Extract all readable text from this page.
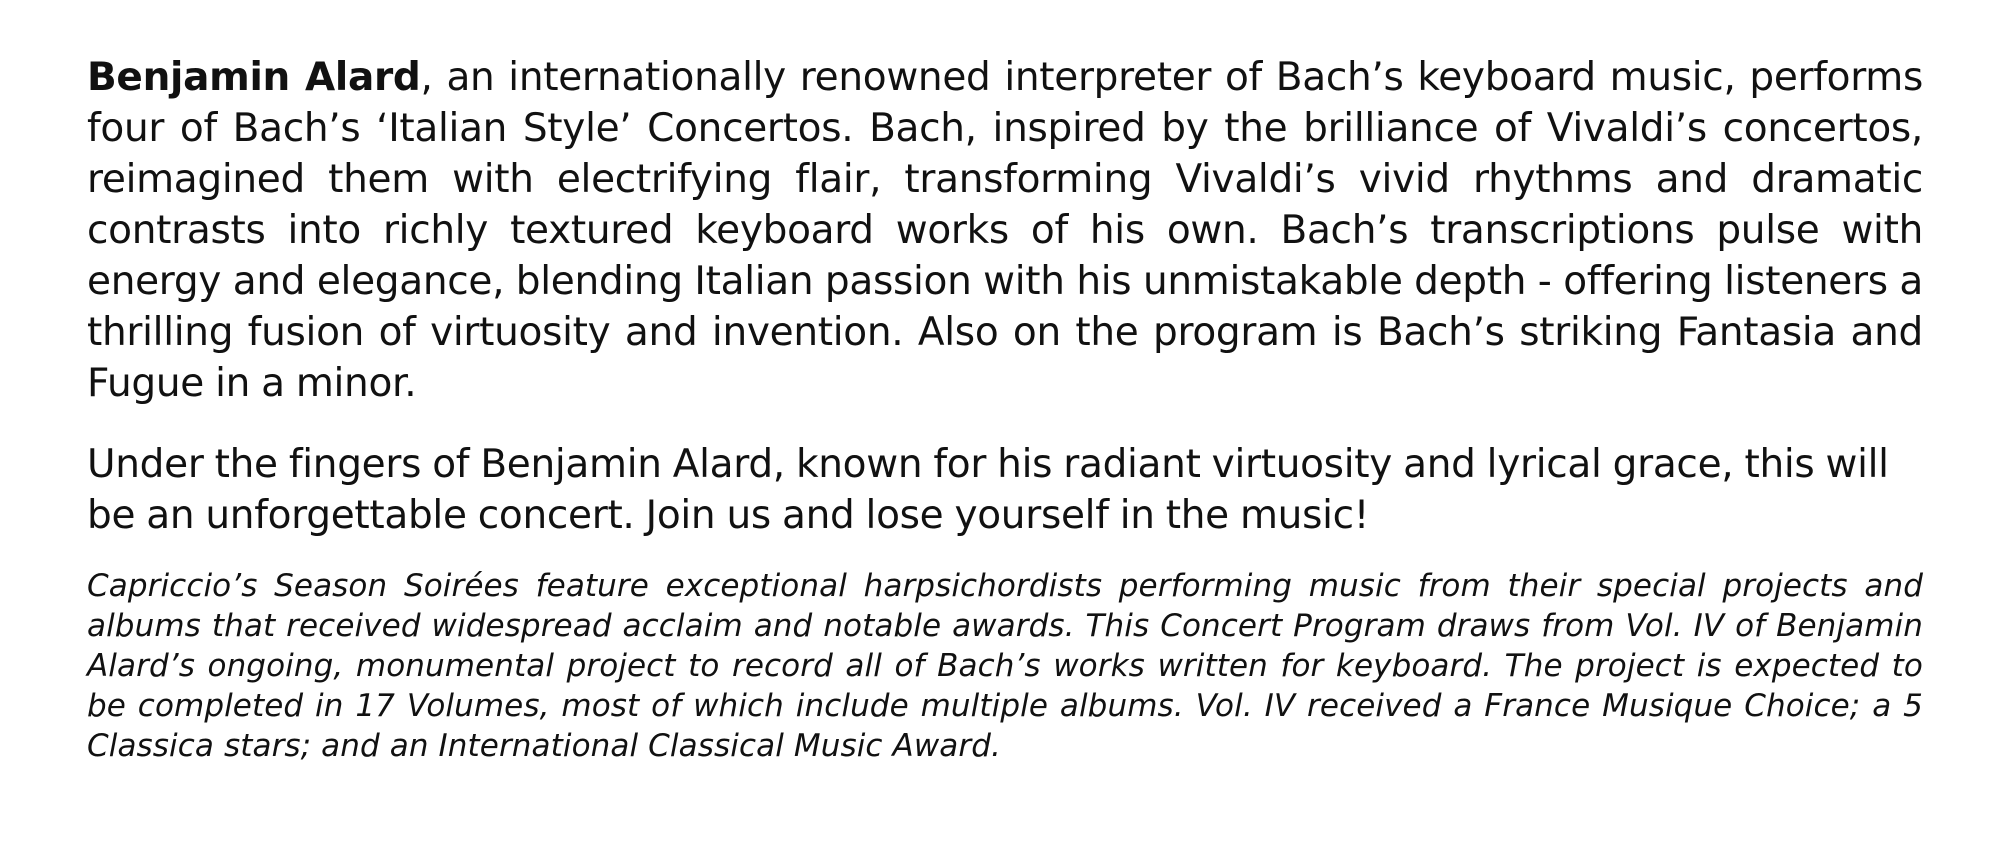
Benjamin Alard, an internationally renowned interpreter of Bach’s keyboard music, performs four of Bach’s ‘Italian Style’ Concertos. Bach, inspired by the brilliance of Vivaldi’s concertos, reimagined them with electrifying flair, transforming Vivaldi’s vivid rhythms and dramatic contrasts into richly textured keyboard works of his own. Bach’s transcriptions pulse with energy and elegance, blending Italian passion with his unmistakable depth - offering listeners a thrilling fusion of virtuosity and invention. Also on the program is Bach’s striking Fantasia and Fugue in a minor.

Under the fingers of Benjamin Alard, known for his radiant virtuosity and lyrical grace, this will be an unforgettable concert. Join us and lose yourself in the music!

Capriccio’s Season Soirées feature exceptional harpsichordists performing music from their special projects and albums that received widespread acclaim and notable awards. This Concert Program draws from Vol. IV of Benjamin Alard’s ongoing, monumental project to record all of Bach’s works written for keyboard. The project is expected to be completed in 17 Volumes, most of which include multiple albums. Vol. IV received a France Musique Choice; a 5 Classica stars; and an International Classical Music Award.
